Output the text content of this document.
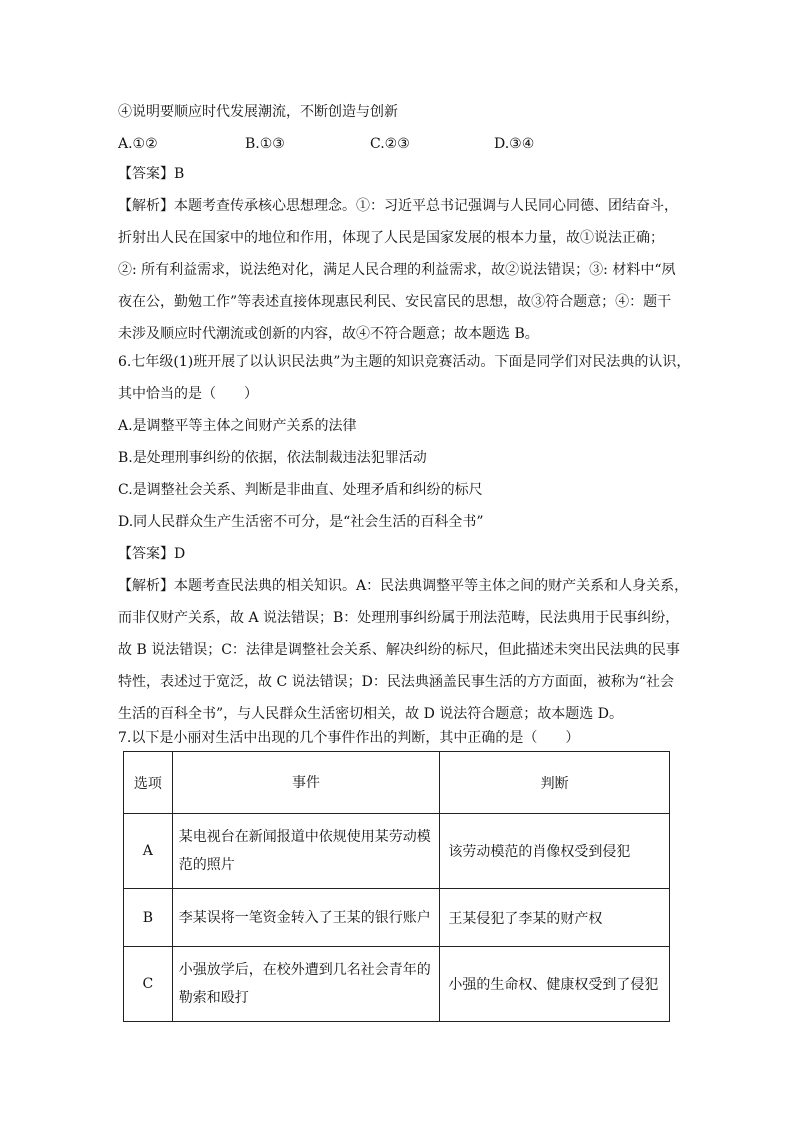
④说明要顺应时代发展潮流，不断创造与创新
A.①②	B.①③	C.②③	D.③④
【答案】B
【解析】本题考查传承核心思想理念。①：习近平总书记强调与人民同心同德、团结奋斗，
折射出人民在国家中的地位和作用，体现了人民是国家发展的根本力量，故①说法正确；
②: 所有利益需求，说法绝对化，满足人民合理的利益需求，故②说法错误；③: 材料中“夙
夜在公，勤勉工作”等表述直接体现惠民利民、安民富民的思想，故③符合题意；④：题干
未涉及顺应时代潮流或创新的内容，故④不符合题意；故本题选 B。
6.七年级(1)班开展了以认识民法典”为主题的知识竞赛活动。下面是同学们对民法典的认识，
其中恰当的是（　　）
A.是调整平等主体之间财产关系的法律
B.是处理刑事纠纷的依据，依法制裁违法犯罪活动
C.是调整社会关系、判断是非曲直、处理矛盾和纠纷的标尺
D.同人民群众生产生活密不可分，是“社会生活的百科全书”
【答案】D
【解析】本题考查民法典的相关知识。A：民法典调整平等主体之间的财产关系和人身关系，
而非仅财产关系，故 A 说法错误；B：处理刑事纠纷属于刑法范畴，民法典用于民事纠纷，
故 B 说法错误；C：法律是调整社会关系、解决纠纷的标尺，但此描述未突出民法典的民事
特性，表述过于宽泛，故 C 说法错误；D：民法典涵盖民事生活的方方面面，被称为“社会
生活的百科全书”，与人民群众生活密切相关，故 D 说法符合题意；故本题选 D。
7.以下是小丽对生活中出现的几个事件作出的判断，其中正确的是（　　）
选项	事件	判断
A	某电视台在新闻报道中依规使用某劳动模范的照片	该劳动模范的肖像权受到侵犯
B	李某误将一笔资金转入了王某的银行账户	王某侵犯了李某的财产权
C	小强放学后，在校外遭到几名社会青年的勒索和殴打	小强的生命权、健康权受到了侵犯
